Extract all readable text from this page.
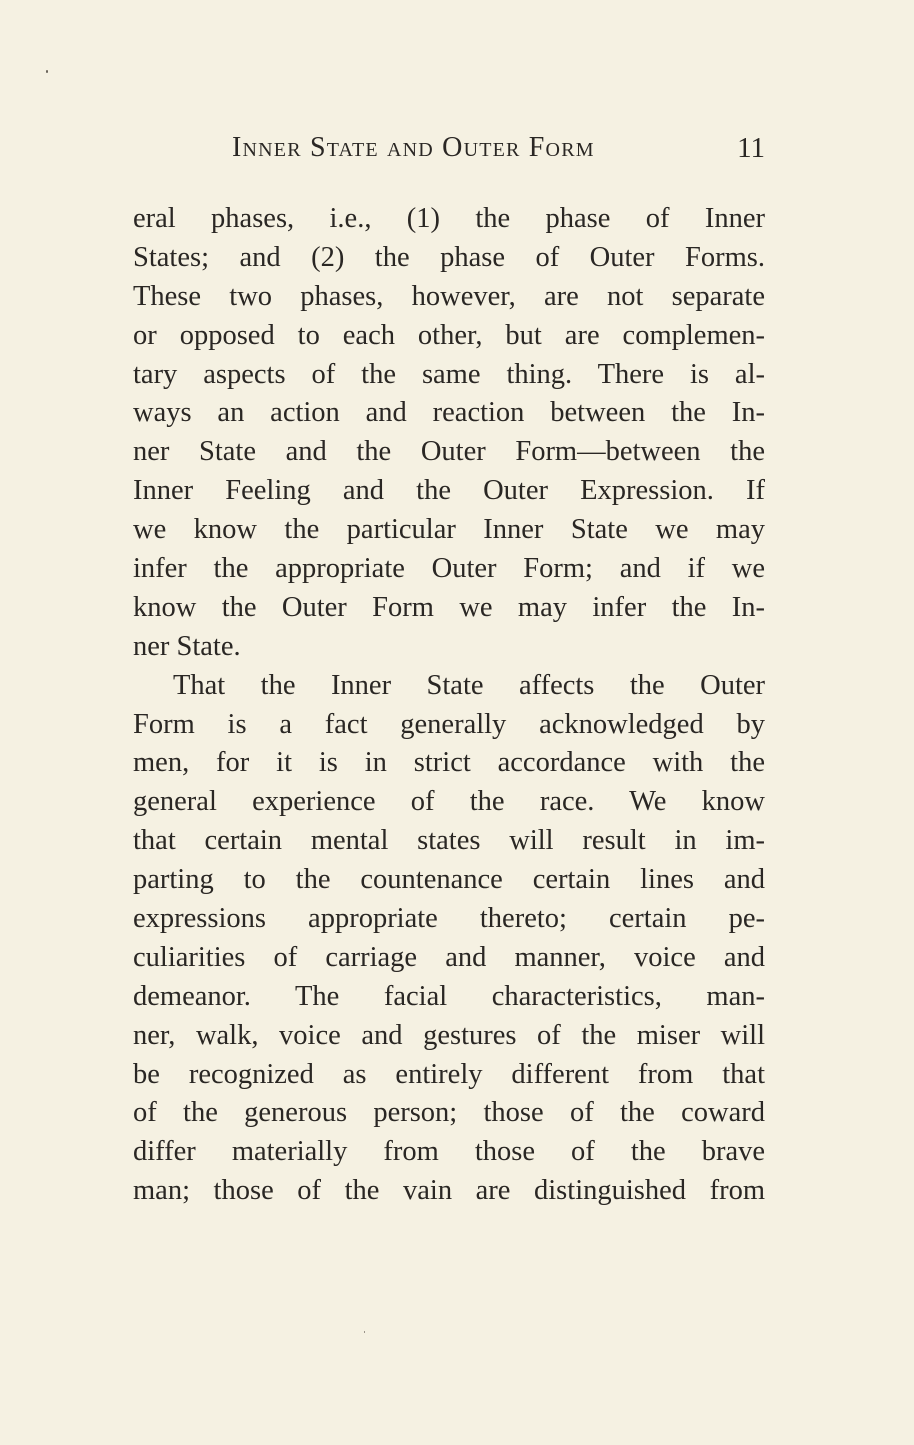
Inner State and Outer Form	11

eral phases, i.e., (1) the phase of Inner
States; and (2) the phase of Outer Forms.
These two phases, however, are not separate
or opposed to each other, but are complemen-
tary aspects of the same thing. There is al-
ways an action and reaction between the In-
ner State and the Outer Form—between the
Inner Feeling and the Outer Expression. If
we know the particular Inner State we may
infer the appropriate Outer Form; and if we
know the Outer Form we may infer the In-
ner State.

That the Inner State affects the Outer
Form is a fact generally acknowledged by
men, for it is in strict accordance with the
general experience of the race. We know
that certain mental states will result in im-
parting to the countenance certain lines and
expressions appropriate thereto; certain pe-
culiarities of carriage and manner, voice and
demeanor. The facial characteristics, man-
ner, walk, voice and gestures of the miser will
be recognized as entirely different from that
of the generous person; those of the coward
differ materially from those of the brave
man; those of the vain are distinguished from
